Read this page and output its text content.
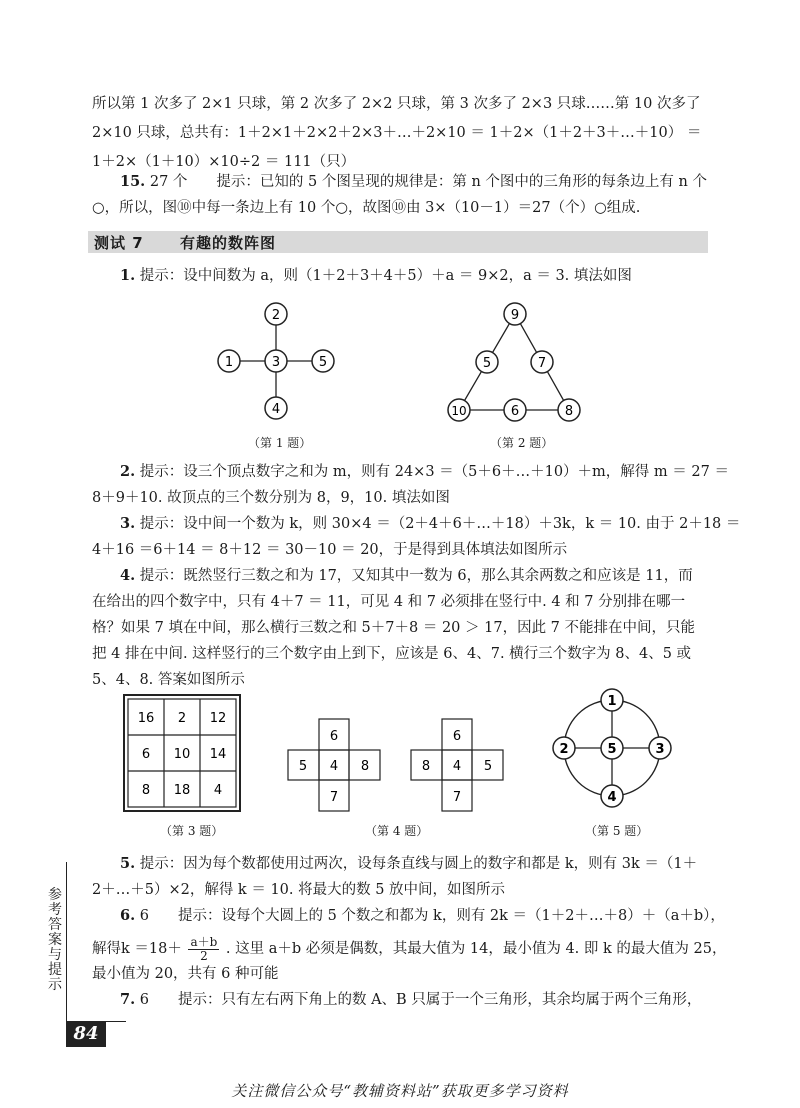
所以第 1 次多了 2×1 只球，第 2 次多了 2×2 只球，第 3 次多了 2×3 只球……第 10 次多了
2×10 只球，总共有：1＋2×1＋2×2＋2×3＋…＋2×10 ＝ 1＋2×（1＋2＋3＋…＋10） ＝
1＋2×（1＋10）×10÷2 ＝ 111（只）
15. 27 个　　提示：已知的 5 个图呈现的规律是：第 n 个图中的三角形的每条边上有 n 个
○，所以，图⑩中每一条边上有 10 个○，故图⑩由 3×（10－1）＝27（个）○组成.
测试 7 有趣的数阵图
1. 提示：设中间数为 a，则（1＋2＋3＋4＋5）＋a ＝ 9×2，a ＝ 3. 填法如图
2
1	3	5
4
（第 1 题）
9
5	7
10	6	8
（第 2 题）
2. 提示：设三个顶点数字之和为 m，则有 24×3 ＝（5＋6＋…＋10）＋m，解得 m ＝ 27 ＝
8＋9＋10. 故顶点的三个数分别为 8，9，10. 填法如图
3. 提示：设中间一个数为 k，则 30×4 ＝（2＋4＋6＋…＋18）＋3k，k ＝ 10. 由于 2＋18 ＝
4＋16 ＝6＋14 ＝ 8＋12 ＝ 30－10 ＝ 20，于是得到具体填法如图所示
4. 提示：既然竖行三数之和为 17，又知其中一数为 6，那么其余两数之和应该是 11，而
在给出的四个数字中，只有 4＋7 ＝ 11，可见 4 和 7 必须排在竖行中. 4 和 7 分别排在哪一
格？如果 7 填在中间，那么横行三数之和 5＋7＋8 ＝ 20 ＞ 17，因此 7 不能排在中间，只能
把 4 排在中间. 这样竖行的三个数字由上到下，应该是 6、4、7. 横行三个数字为 8、4、5 或
5、4、8. 答案如图所示
16 2 12
6 10 14
8 18 4
（第 3 题）
6
5 4 8
7
6
8 4 5
7
（第 4 题）
1
2	5	3
4
（第 5 题）
5. 提示：因为每个数都使用过两次，设每条直线与圆上的数字和都是 k，则有 3k ＝（1＋
2＋…＋5）×2，解得 k ＝ 10. 将最大的数 5 放中间，如图所示
6. 6　　提示：设每个大圆上的 5 个数之和都为 k，则有 2k ＝（1＋2＋…＋8）＋（a＋b），
解得$k =18+ \frac{a+b}{2}$ . 这里 a＋b 必须是偶数，其最大值为 14，最小值为 4. 即 k 的最大值为 25，
最小值为 20，共有 6 种可能
7. 6　　提示：只有左右两下角上的数 A、B 只属于一个三角形，其余均属于两个三角形，
参考答案与提示
84
关注微信公众号“教辅资料站”获取更多学习资料
